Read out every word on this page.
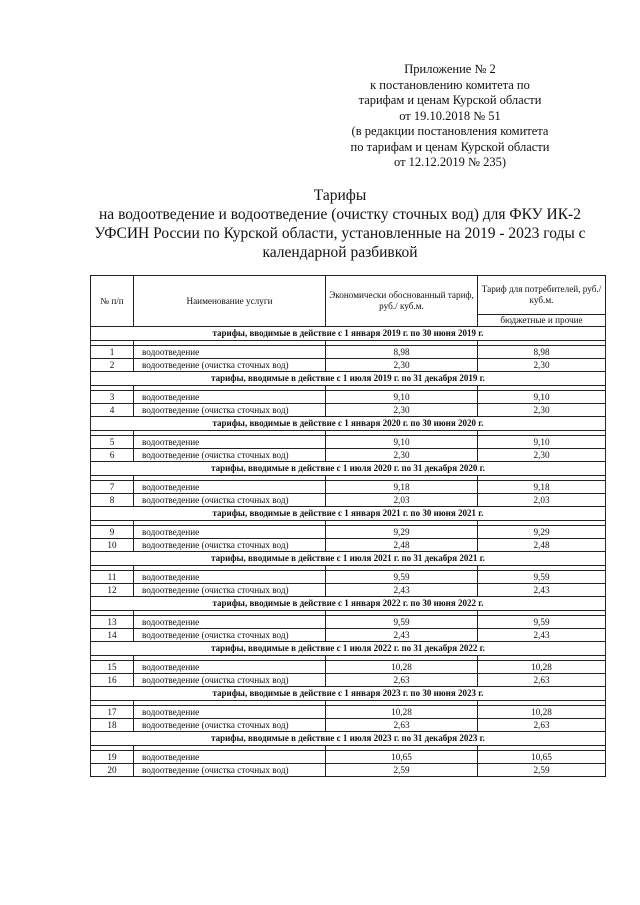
Приложение № 2
к постановлению комитета по
тарифам и ценам Курской области
от 19.10.2018 № 51
(в редакции постановления комитета
по тарифам и ценам Курской области
от 12.12.2019 № 235)
Тарифы
на водоотведение и водоотведение (очистку сточных вод) для ФКУ ИК-2
УФСИН России по Курской области, установленные на 2019 - 2023 годы с
календарной разбивкой
№ п/п	Наименование услуги	Экономически обоснованный тариф, руб./ куб.м.	Тариф для потребителей, руб./куб.м.
			бюджетные и прочие
тарифы, вводимые в действие с 1 января 2019 г. по 30 июня 2019 г.			

1	водоотведение	8,98	8,98
2	водоотведение (очистка сточных вод)	2,30	2,30
тарифы, вводимые в действие с 1 июля 2019 г. по 31 декабря 2019 г.			

3	водоотведение	9,10	9,10
4	водоотведение (очистка сточных вод)	2,30	2,30
тарифы, вводимые в действие с 1 января 2020 г. по 30 июня 2020 г.			

5	водоотведение	9,10	9,10
6	водоотведение (очистка сточных вод)	2,30	2,30
тарифы, вводимые в действие с 1 июля 2020 г. по 31 декабря 2020 г.			

7	водоотведение	9,18	9,18
8	водоотведение (очистка сточных вод)	2,03	2,03
тарифы, вводимые в действие с 1 января 2021 г. по 30 июня 2021 г.			

9	водоотведение	9,29	9,29
10	водоотведение (очистка сточных вод)	2,48	2,48
тарифы, вводимые в действие с 1 июля 2021 г. по 31 декабря 2021 г.			

11	водоотведение	9,59	9,59
12	водоотведение (очистка сточных вод)	2,43	2,43
тарифы, вводимые в действие с 1 января 2022 г. по 30 июня 2022 г.			

13	водоотведение	9,59	9,59
14	водоотведение (очистка сточных вод)	2,43	2,43
тарифы, вводимые в действие с 1 июля 2022 г. по 31 декабря 2022 г.			

15	водоотведение	10,28	10,28
16	водоотведение (очистка сточных вод)	2,63	2,63
тарифы, вводимые в действие с 1 января 2023 г. по 30 июня 2023 г.			

17	водоотведение	10,28	10,28
18	водоотведение (очистка сточных вод)	2,63	2,63
тарифы, вводимые в действие с 1 июля 2023 г. по 31 декабря 2023 г.			

19	водоотведение	10,65	10,65
20	водоотведение (очистка сточных вод)	2,59	2,59
